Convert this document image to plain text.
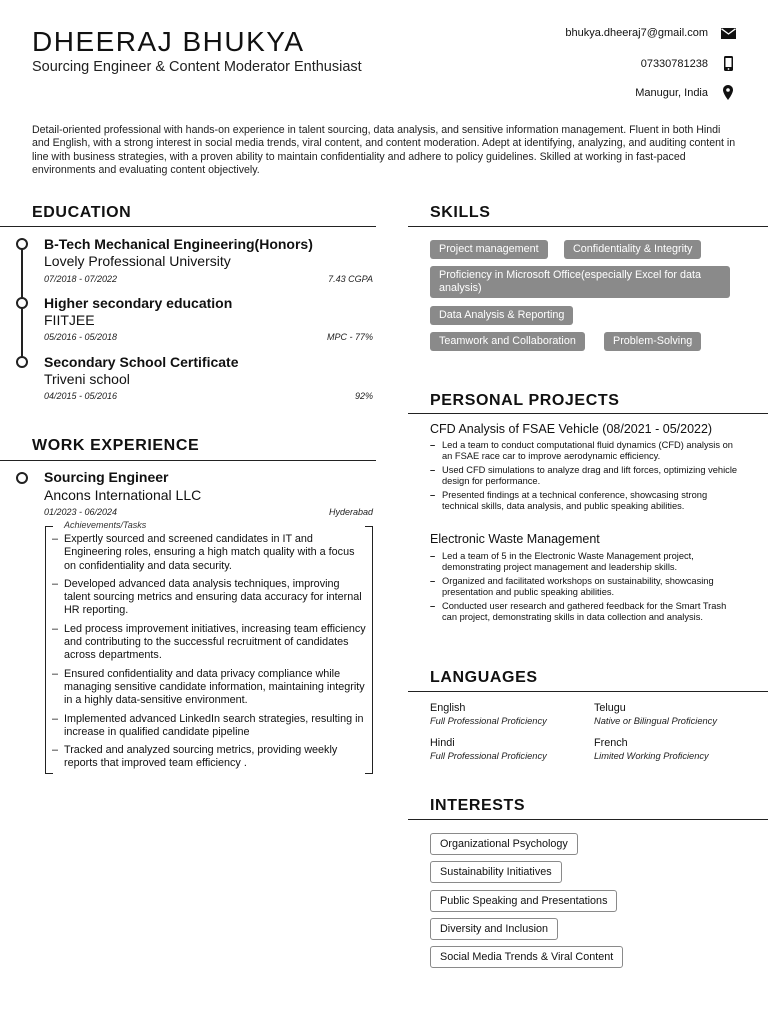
DHEERAJ BHUKYA
Sourcing Engineer & Content Moderator Enthusiast
bhukya.dheeraj7@gmail.com
07330781238
Manugur, India
Detail-oriented professional with hands-on experience in talent sourcing, data analysis, and sensitive information management. Fluent in both Hindi and English, with a strong interest in social media trends, viral content, and content moderation. Adept at identifying, analyzing, and auditing content in line with business strategies, with a proven ability to maintain confidentiality and adhere to policy guidelines. Skilled at working in fast-paced environments and evaluating content objectively.
EDUCATION
B-Tech Mechanical Engineering(Honors)
Lovely Professional University
07/2018 - 07/2022	7.43 CGPA
Higher secondary education
FIITJEE
05/2016 - 05/2018	MPC - 77%
Secondary School Certificate
Triveni school
04/2015 - 05/2016	92%
WORK EXPERIENCE
Sourcing Engineer
Ancons International LLC
01/2023 - 06/2024	Hyderabad
Achievements/Tasks
– Expertly sourced and screened candidates in IT and Engineering roles, ensuring a high match quality with a focus on confidentiality and data security.
– Developed advanced data analysis techniques, improving talent sourcing metrics and ensuring data accuracy for internal HR reporting.
– Led process improvement initiatives, increasing team efficiency and contributing to the successful recruitment of candidates across departments.
– Ensured confidentiality and data privacy compliance while managing sensitive candidate information, maintaining integrity in a highly data-sensitive environment.
– Implemented advanced LinkedIn search strategies, resulting in increase in qualified candidate pipeline
– Tracked and analyzed sourcing metrics, providing weekly reports that improved team efficiency .
SKILLS
Project management	Confidentiality & Integrity
Proficiency in Microsoft Office(especially Excel for data analysis)
Data Analysis & Reporting
Teamwork and Collaboration	Problem-Solving
PERSONAL PROJECTS
CFD Analysis of FSAE Vehicle (08/2021 - 05/2022)
– Led a team to conduct computational fluid dynamics (CFD) analysis on an FSAE race car to improve aerodynamic efficiency.
– Used CFD simulations to analyze drag and lift forces, optimizing vehicle design for performance.
– Presented findings at a technical conference, showcasing strong technical skills, data analysis, and public speaking abilities.
Electronic Waste Management
– Led a team of 5 in the Electronic Waste Management project, demonstrating project management and leadership skills.
– Organized and facilitated workshops on sustainability, showcasing presentation and public speaking abilities.
– Conducted user research and gathered feedback for the Smart Trash can project, demonstrating skills in data collection and analysis.
LANGUAGES
English
Full Professional Proficiency
Telugu
Native or Bilingual Proficiency
Hindi
Full Professional Proficiency
French
Limited Working Proficiency
INTERESTS
Organizational Psychology
Sustainability Initiatives
Public Speaking and Presentations
Diversity and Inclusion
Social Media Trends & Viral Content
